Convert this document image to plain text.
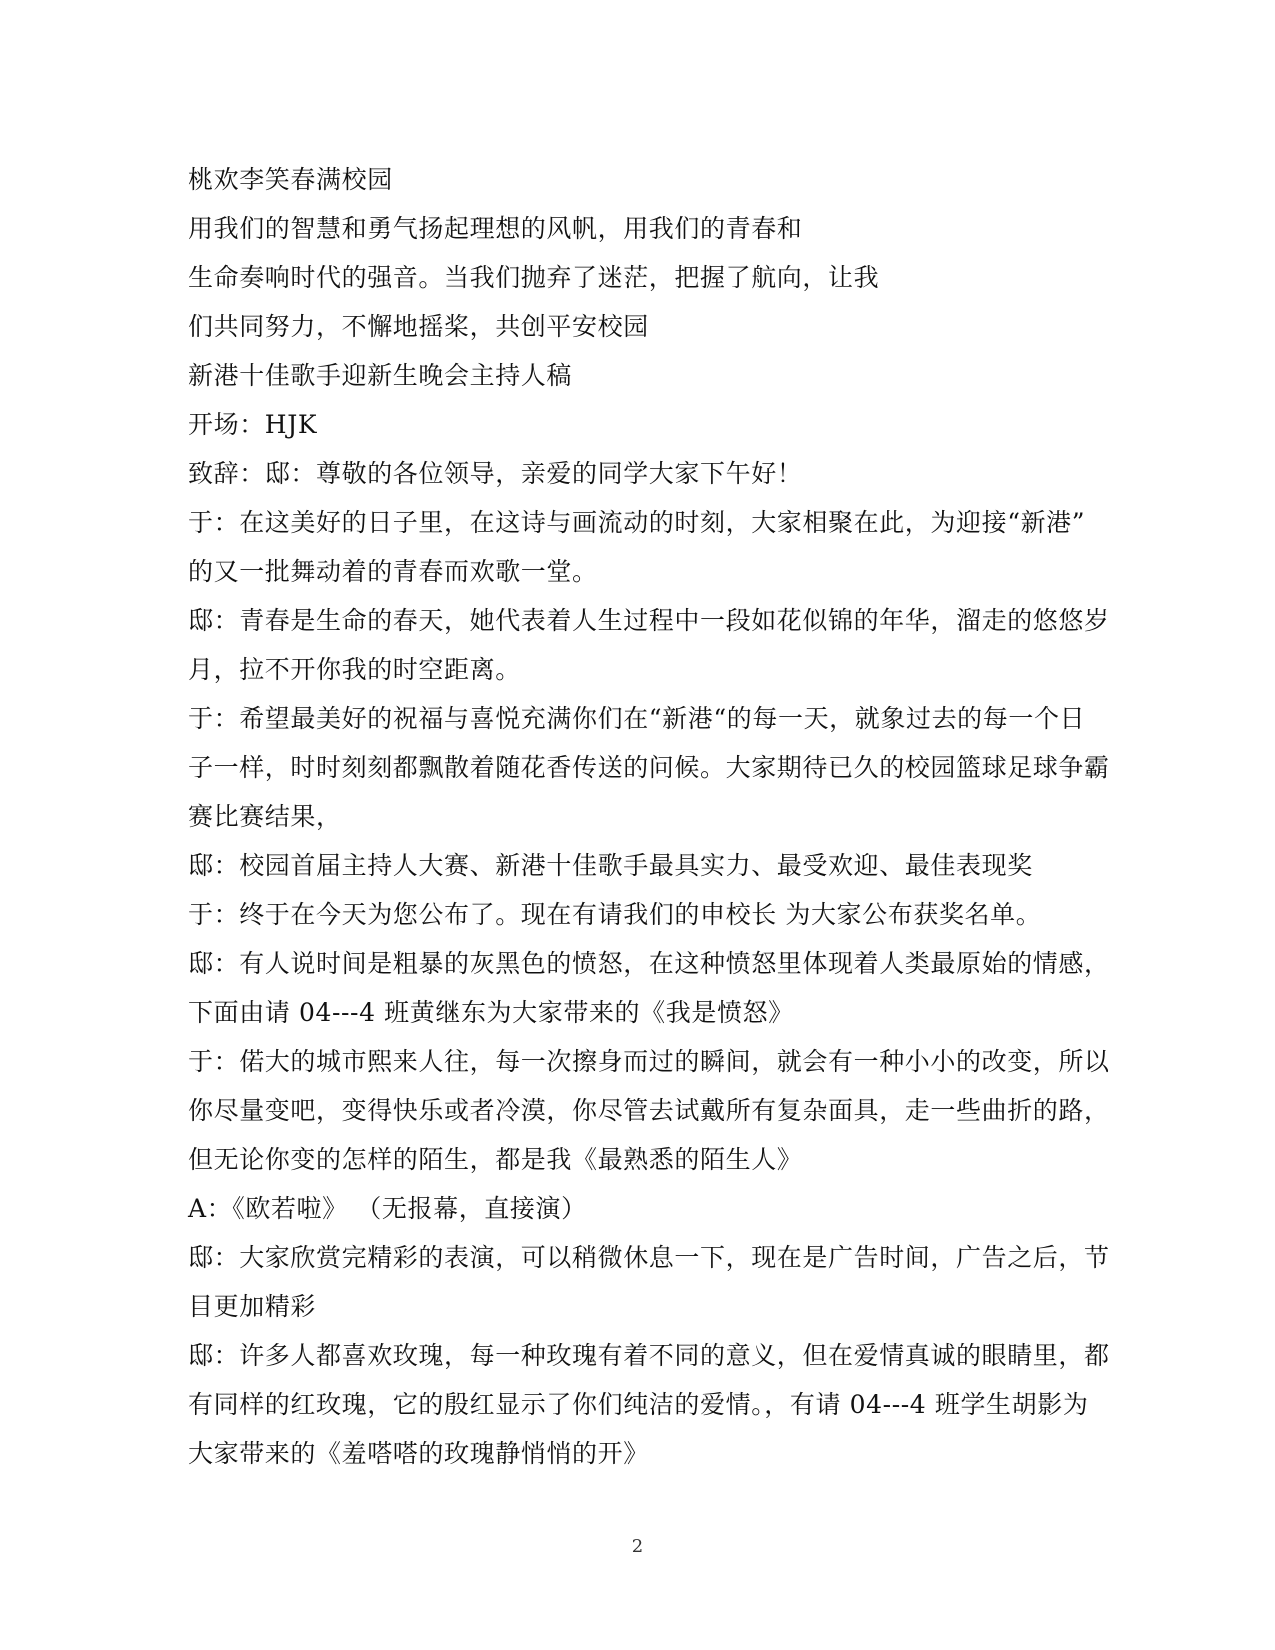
桃欢李笑春满校园
用我们的智慧和勇气扬起理想的风帆，用我们的青春和
生命奏响时代的强音。当我们抛弃了迷茫，把握了航向，让我
们共同努力，不懈地摇桨，共创平安校园
新港十佳歌手迎新生晚会主持人稿
开场：HJK
致辞：邸：尊敬的各位领导，亲爱的同学大家下午好！
于：在这美好的日子里，在这诗与画流动的时刻，大家相聚在此，为迎接“新港”
的又一批舞动着的青春而欢歌一堂。
邸：青春是生命的春天，她代表着人生过程中一段如花似锦的年华，溜走的悠悠岁
月，拉不开你我的时空距离。
于：希望最美好的祝福与喜悦充满你们在“新港“的每一天，就象过去的每一个日
子一样，时时刻刻都飘散着随花香传送的问候。大家期待已久的校园篮球足球争霸
赛比赛结果，
邸：校园首届主持人大赛、新港十佳歌手最具实力、最受欢迎、最佳表现奖
于：终于在今天为您公布了。现在有请我们的申校长 为大家公布获奖名单。
邸：有人说时间是粗暴的灰黑色的愤怒，在这种愤怒里体现着人类最原始的情感，
下面由请 04---4 班黄继东为大家带来的《我是愤怒》
于：偌大的城市熙来人往，每一次擦身而过的瞬间，就会有一种小小的改变，所以
你尽量变吧，变得快乐或者冷漠，你尽管去试戴所有复杂面具，走一些曲折的路，
但无论你变的怎样的陌生，都是我《最熟悉的陌生人》
A：《欧若啦》 （无报幕，直接演）
邸：大家欣赏完精彩的表演，可以稍微休息一下，现在是广告时间，广告之后，节
目更加精彩
邸：许多人都喜欢玫瑰，每一种玫瑰有着不同的意义，但在爱情真诚的眼睛里，都
有同样的红玫瑰，它的殷红显示了你们纯洁的爱情。，有请 04---4 班学生胡影为
大家带来的《羞嗒嗒的玫瑰静悄悄的开》
2
